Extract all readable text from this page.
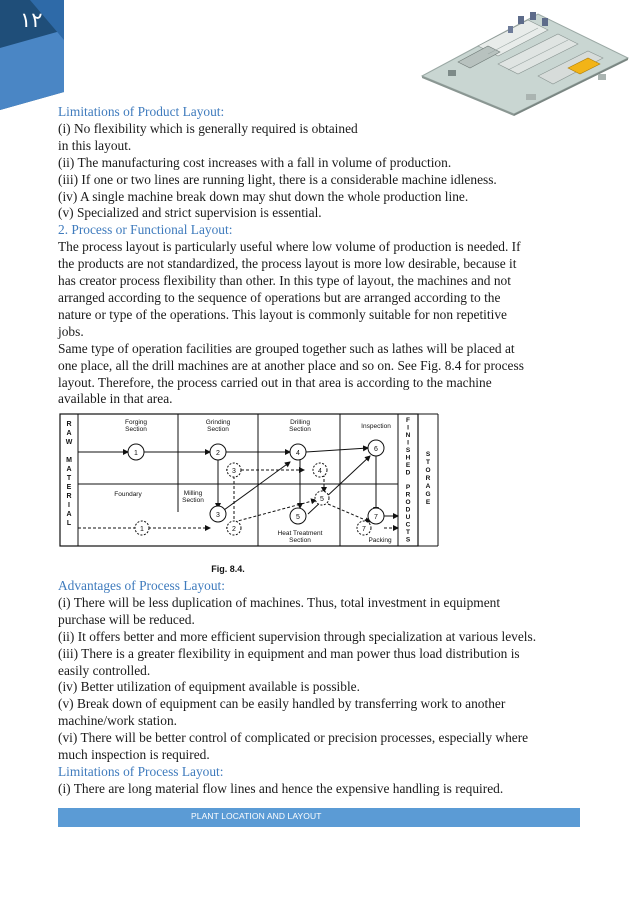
١٢

Limitations of Product Layout:

(i) No flexibility which is generally required is obtained

in this layout.

(ii) The manufacturing cost increases with a fall in volume of production.

(iii) If one or two lines are running light, there is a considerable machine idleness.

(iv) A single machine break down may shut down the whole production line.

(v) Specialized and strict supervision is essential.

2. Process or Functional Layout:

The process layout is particularly useful where low volume of production is needed. If

the products are not standardized, the process layout is more low desirable, because it

has creator process flexibility than other. In this type of layout, the machines and not

arranged according to the sequence of operations but are arranged according to the

nature or type of the operations. This layout is commonly suitable for non repetitive

jobs.

Same type of operation facilities are grouped together such as lathes will be placed at

one place, all the drill machines are at another place and so on. See Fig. 8.4 for process

layout. Therefore, the process carried out in that area is according to the machine

available in that area.

R
A
W
M
A
T
E
R
I
A
L
F
I
N
I
S
H
E
D
P
R
O
D
U
C
T
S
S
T
O
R
A
G
E
Forging
Section
Grinding
Section
Drilling
Section	Inspection
Foundary	Milling
Section
Heat Treatment
Section	Packing
1	2
3
4
4
5
6
7
3
5
1	2	7
Fig. 8.4.

Advantages of Process Layout:

(i) There will be less duplication of machines. Thus, total investment in equipment

purchase will be reduced.

(ii) It offers better and more efficient supervision through specialization at various levels.

(iii) There is a greater flexibility in equipment and man power thus load distribution is

easily controlled.

(iv) Better utilization of equipment available is possible.

(v) Break down of equipment can be easily handled by transferring work to another

machine/work station.

(vi) There will be better control of complicated or precision processes, especially where

much inspection is required.

Limitations of Process Layout:

(i) There are long material flow lines and hence the expensive handling is required.

PLANT LOCATION AND LAYOUT
